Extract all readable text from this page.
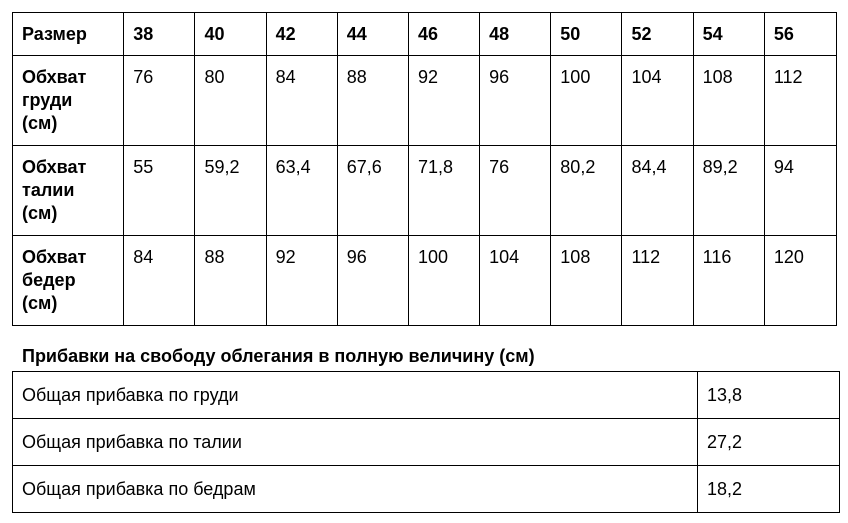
Размер	38	40	42	44	46	48	50	52	54	56

Обхват
груди
(см)	76	80	84	88	92	96	100	104	108	112

Обхват
талии
(см)	55	59,2	63,4	67,6	71,8	76	80,2	84,4	89,2	94

Обхват
бедер
(см)	84	88	92	96	100	104	108	112	116	120
Прибавки на свободу облегания в полную величину (см)
Общая прибавка по груди	13,8
Общая прибавка по талии	27,2
Общая прибавка по бедрам	18,2
